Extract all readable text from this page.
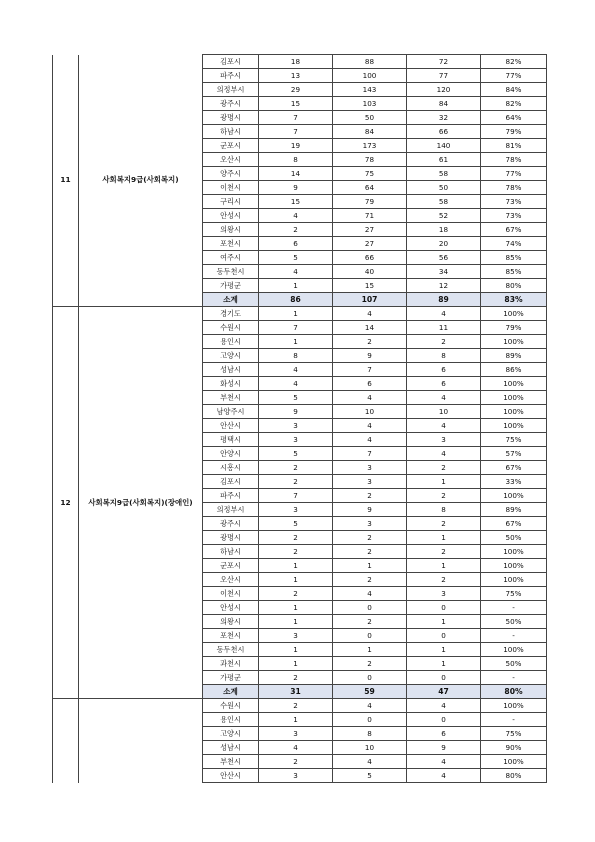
11	사회복지9급(사회복지)	김포시	18	88	72	82%
		파주시	13	100	77	77%
		의정부시	29	143	120	84%
		광주시	15	103	84	82%
		광명시	7	50	32	64%
		하남시	7	84	66	79%
		군포시	19	173	140	81%
		오산시	8	78	61	78%
		양주시	14	75	58	77%
		이천시	9	64	50	78%
		구리시	15	79	58	73%
		안성시	4	71	52	73%
		의왕시	2	27	18	67%
		포천시	6	27	20	74%
		여주시	5	66	56	85%
		동두천시	4	40	34	85%
		가평군	1	15	12	80%
		소계	86	107	89	83%
12	사회복지9급(사회복지)(장애인)	경기도	1	4	4	100%
		수원시	7	14	11	79%
		용인시	1	2	2	100%
		고양시	8	9	8	89%
		성남시	4	7	6	86%
		화성시	4	6	6	100%
		부천시	5	4	4	100%
		남양주시	9	10	10	100%
		안산시	3	4	4	100%
		평택시	3	4	3	75%
		안양시	5	7	4	57%
		시흥시	2	3	2	67%
		김포시	2	3	1	33%
		파주시	7	2	2	100%
		의정부시	3	9	8	89%
		광주시	5	3	2	67%
		광명시	2	2	1	50%
		하남시	2	2	2	100%
		군포시	1	1	1	100%
		오산시	1	2	2	100%
		이천시	2	4	3	75%
		안성시	1	0	0	-
		의왕시	1	2	1	50%
		포천시	3	0	0	-
		동두천시	1	1	1	100%
		과천시	1	2	1	50%
		가평군	2	0	0	-
		소계	31	59	47	80%
		수원시	2	4	4	100%
		용인시	1	0	0	-
		고양시	3	8	6	75%
		성남시	4	10	9	90%
		부천시	2	4	4	100%
		안산시	3	5	4	80%
